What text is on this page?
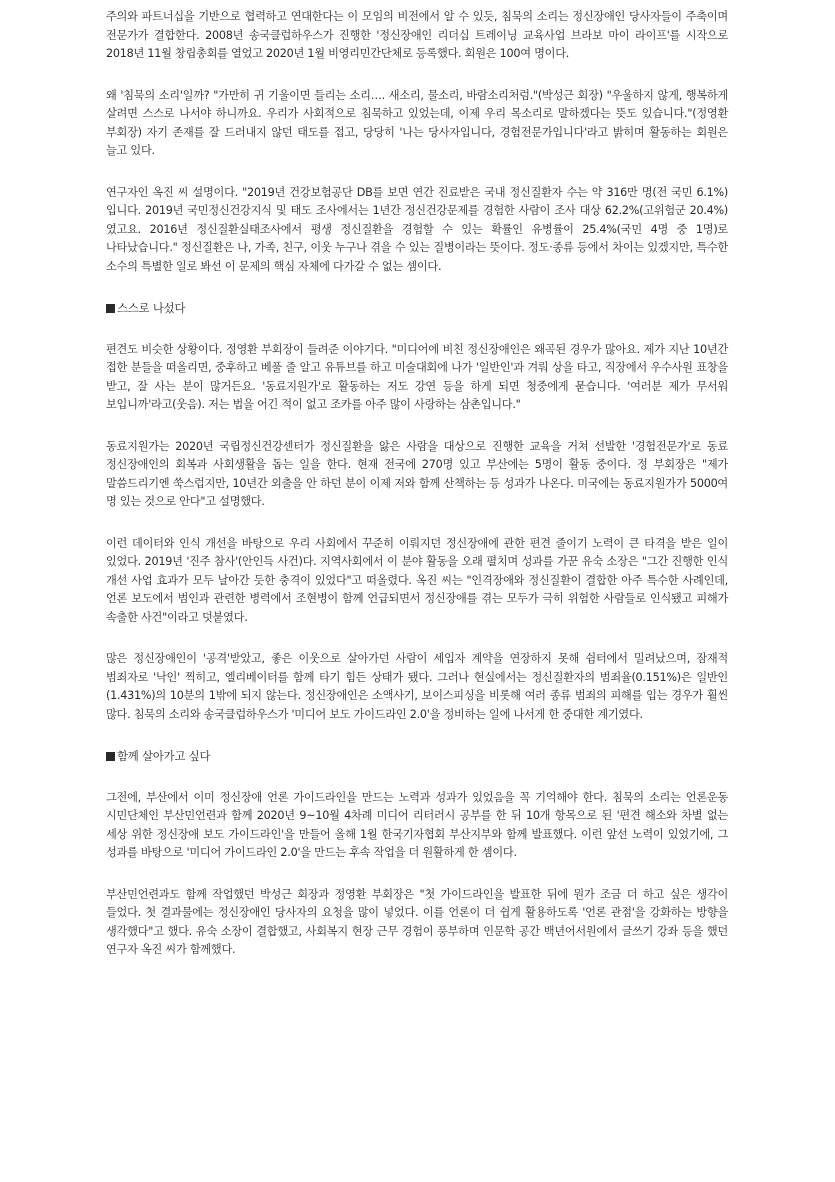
주의와 파트너십을 기반으로 협력하고 연대한다는 이 모임의 비전에서 알 수 있듯, 침묵의 소리는 정신장애인 당사자들이 주축이며 전문가가 결합한다. 2008년 송국클럽하우스가 진행한 '정신장애인 리더십 트레이닝 교육사업 브라보 마이 라이프'를 시작으로 2018년 11월 창립총회를 열었고 2020년 1월 비영리민간단체로 등록했다. 회원은 100여 명이다.

왜 '침묵의 소리'일까? "가만히 귀 기울이면 들리는 소리…. 새소리, 물소리, 바람소리처럼."(박성근 회장) "우울하지 않게, 행복하게 살려면 스스로 나서야 하니까요. 우리가 사회적으로 침묵하고 있었는데, 이제 우리 목소리로 말하겠다는 뜻도 있습니다."(정영환 부회장) 자기 존재를 잘 드러내지 않던 태도를 접고, 당당히 '나는 당사자입니다, 경험전문가입니다'라고 밝히며 활동하는 회원은 늘고 있다.

연구자인 옥진 씨 설명이다. "2019년 건강보험공단 DB를 보면 연간 진료받은 국내 정신질환자 수는 약 316만 명(전 국민 6.1%)입니다. 2019년 국민정신건강지식 및 태도 조사에서는 1년간 정신건강문제를 경험한 사람이 조사 대상 62.2%(고위험군 20.4%)였고요. 2016년 정신질환실태조사에서 평생 정신질환을 경험할 수 있는 확률인 유병률이 25.4%(국민 4명 중 1명)로 나타났습니다." 정신질환은 나, 가족, 친구, 이웃 누구나 겪을 수 있는 질병이라는 뜻이다. 정도·종류 등에서 차이는 있겠지만, 특수한 소수의 특별한 일로 봐선 이 문제의 핵심 자체에 다가갈 수 없는 셈이다.

스스로 나섰다

편견도 비슷한 상황이다. 정영환 부회장이 들려준 이야기다. "미디어에 비친 정신장애인은 왜곡된 경우가 많아요. 제가 지난 10년간 접한 분들을 떠올리면, 중후하고 베풀 줄 알고 유튜브를 하고 미술대회에 나가 '일반인'과 겨뤄 상을 타고, 직장에서 우수사원 표창을 받고, 잘 사는 분이 많거든요. '동료지원가'로 활동하는 저도 강연 등을 하게 되면 청중에게 묻습니다. '여러분 제가 무서워 보입니까'라고(웃음). 저는 법을 어긴 적이 없고 조카를 아주 많이 사랑하는 삼촌입니다."

동료지원가는 2020년 국립정신건강센터가 정신질환을 앓은 사람을 대상으로 진행한 교육을 거쳐 선발한 '경험전문가'로 동료 정신장애인의 회복과 사회생활을 돕는 일을 한다. 현재 전국에 270명 있고 부산에는 5명이 활동 중이다. 정 부회장은 "제가 말씀드리기엔 쑥스럽지만, 10년간 외출을 안 하던 분이 이제 저와 함께 산책하는 등 성과가 나온다. 미국에는 동료지원가가 5000여 명 있는 것으로 안다"고 설명했다.

이런 데이터와 인식 개선을 바탕으로 우리 사회에서 꾸준히 이뤄지던 정신장애에 관한 편견 줄이기 노력이 큰 타격을 받은 일이 있었다. 2019년 '진주 참사'(안인득 사건)다. 지역사회에서 이 분야 활동을 오래 펼치며 성과를 가꾼 유숙 소장은 "그간 진행한 인식 개선 사업 효과가 모두 날아간 듯한 충격이 있었다"고 떠올렸다. 옥진 씨는 "인격장애와 정신질환이 결합한 아주 특수한 사례인데, 언론 보도에서 범인과 관련한 병력에서 조현병이 함께 언급되면서 정신장애를 겪는 모두가 극히 위험한 사람들로 인식됐고 피해가 속출한 사건"이라고 덧붙였다.

많은 정신장애인이 '공격'받았고, 좋은 이웃으로 살아가던 사람이 세입자 계약을 연장하지 못해 쉼터에서 밀려났으며, 잠재적 범죄자로 '낙인' 찍히고, 엘리베이터를 함께 타기 힘든 상태가 됐다. 그러나 현실에서는 정신질환자의 범죄율(0.151%)은 일반인(1.431%)의 10분의 1밖에 되지 않는다. 정신장애인은 소액사기, 보이스피싱을 비롯해 여러 종류 범죄의 피해를 입는 경우가 훨씬 많다. 침묵의 소리와 송국클럽하우스가 '미디어 보도 가이드라인 2.0'을 정비하는 일에 나서게 한 중대한 계기였다.

함께 살아가고 싶다

그전에, 부산에서 이미 정신장애 언론 가이드라인을 만드는 노력과 성과가 있었음을 꼭 기억해야 한다. 침묵의 소리는 언론운동 시민단체인 부산민언련과 함께 2020년 9~10월 4차례 미디어 리터러시 공부를 한 뒤 10개 항목으로 된 '편견 해소와 차별 없는 세상 위한 정신장애 보도 가이드라인'을 만들어 올해 1월 한국기자협회 부산지부와 함께 발표했다. 이런 앞선 노력이 있었기에, 그 성과를 바탕으로 '미디어 가이드라인 2.0'을 만드는 후속 작업을 더 원활하게 한 셈이다.

부산민언련과도 함께 작업했던 박성근 회장과 정영환 부회장은 "첫 가이드라인을 발표한 뒤에 뭔가 조금 더 하고 싶은 생각이 들었다. 첫 결과물에는 정신장애인 당사자의 요청을 많이 넣었다. 이를 언론이 더 쉽게 활용하도록 '언론 관점'을 강화하는 방향을 생각했다"고 했다. 유숙 소장이 결합했고, 사회복지 현장 근무 경험이 풍부하며 인문학 공간 백년어서원에서 글쓰기 강좌 등을 했던 연구자 옥진 씨가 함께했다.
